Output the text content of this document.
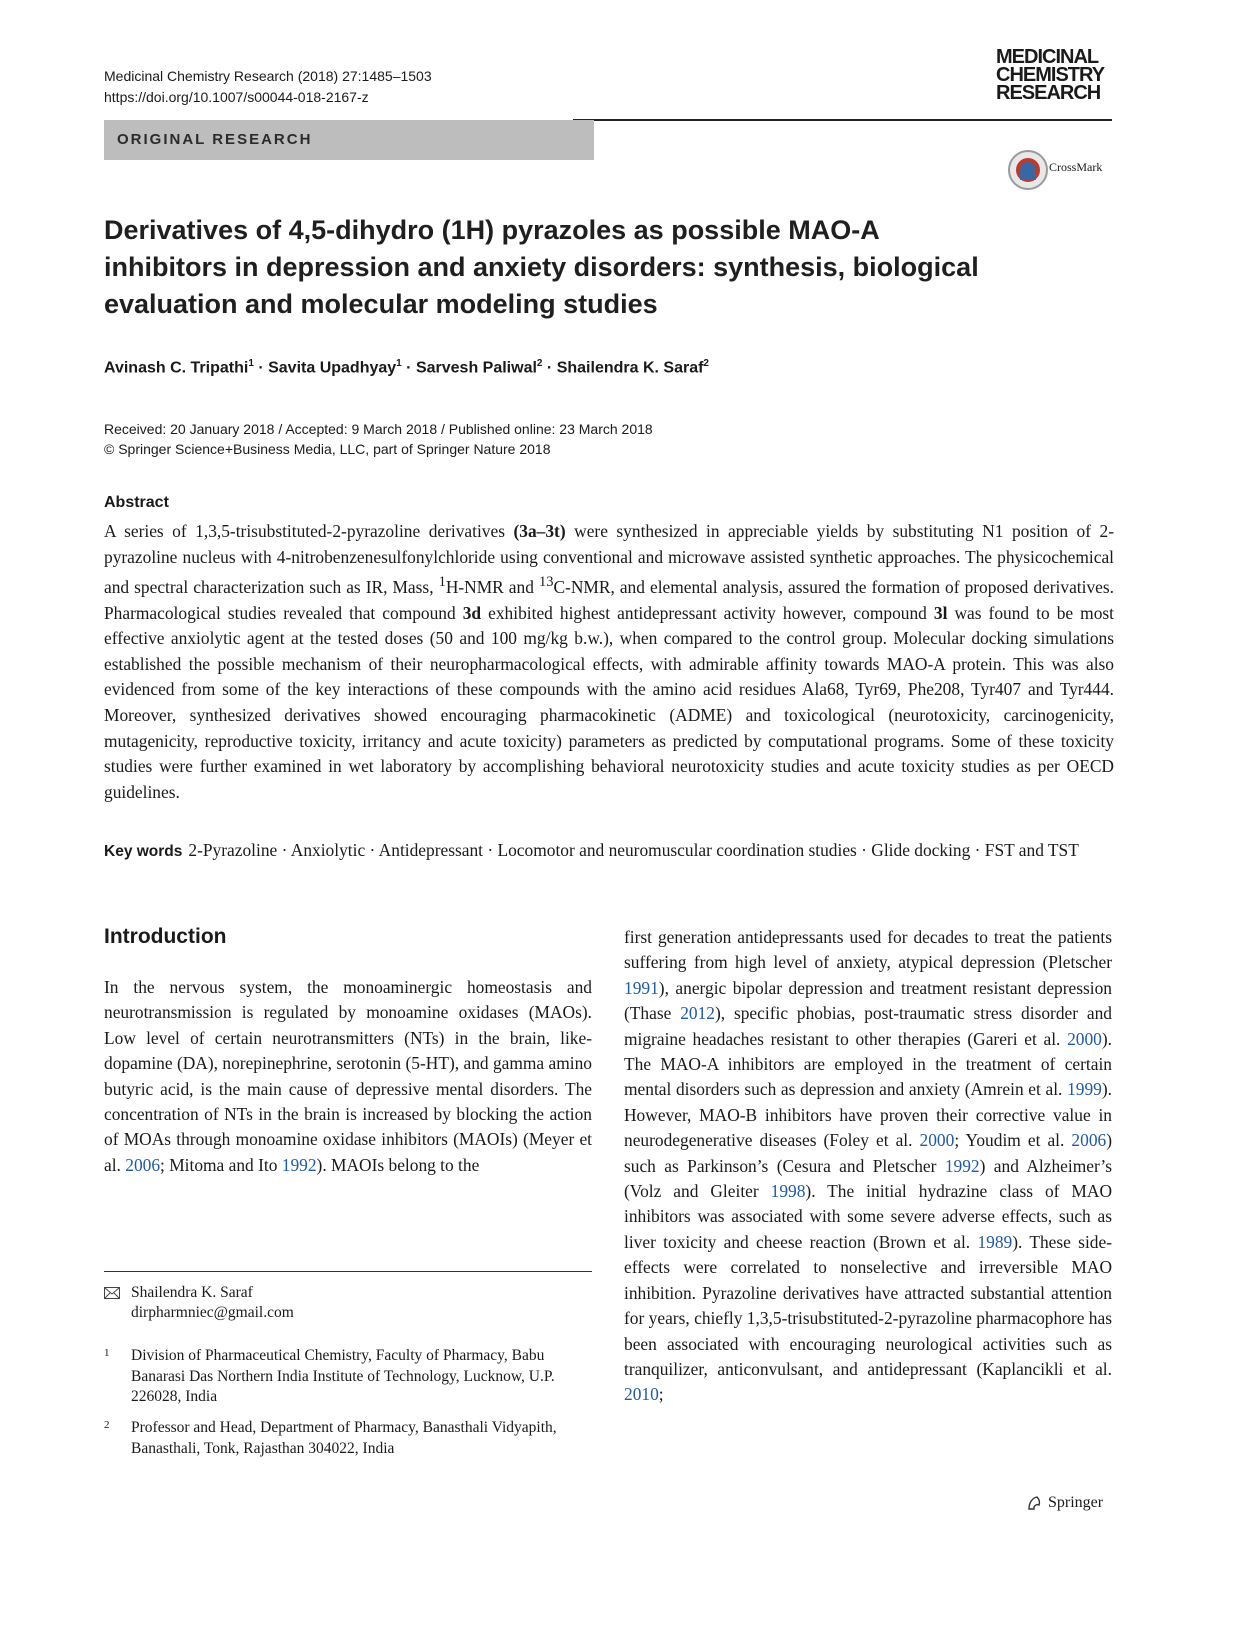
Medicinal Chemistry Research (2018) 27:1485–1503
https://doi.org/10.1007/s00044-018-2167-z
MEDICINAL
CHEMISTRY
RESEARCH
ORIGINAL RESEARCH
CrossMark
Derivatives of 4,5-dihydro (1H) pyrazoles as possible MAO-A
inhibitors in depression and anxiety disorders: synthesis, biological
evaluation and molecular modeling studies
Avinash C. Tripathi$^1$ · Savita Upadhyay$^1$ · Sarvesh Paliwal$^2$ · Shailendra K. Saraf$^2$
Received: 20 January 2018 / Accepted: 9 March 2018 / Published online: 23 March 2018
© Springer Science+Business Media, LLC, part of Springer Nature 2018
Abstract
A series of 1,3,5-trisubstituted-2-pyrazoline derivatives (3a–3t) were synthesized in appreciable yields by substituting N1 position of 2-pyrazoline nucleus with 4-nitrobenzenesulfonylchloride using conventional and microwave assisted synthetic approaches. The physicochemical and spectral characterization such as IR, Mass, $^1$H-NMR and $^{13}$C-NMR, and elemental analysis, assured the formation of proposed derivatives. Pharmacological studies revealed that compound 3d exhibited highest antidepressant activity however, compound 3l was found to be most effective anxiolytic agent at the tested doses (50 and 100 mg/kg b.w.), when compared to the control group. Molecular docking simulations established the possible mechanism of their neuropharmacological effects, with admirable affinity towards MAO-A protein. This was also evidenced from some of the key interactions of these compounds with the amino acid residues Ala68, Tyr69, Phe208, Tyr407 and Tyr444. Moreover, synthesized derivatives showed encouraging pharmacokinetic (ADME) and toxicological (neurotoxicity, carcinogenicity, mutagenicity, reproductive toxicity, irritancy and acute toxicity) parameters as predicted by computational programs. Some of these toxicity studies were further examined in wet laboratory by accomplishing behavioral neurotoxicity studies and acute toxicity studies as per OECD guidelines.
Key words 2-Pyrazoline · Anxiolytic · Antidepressant · Locomotor and neuromuscular coordination studies · Glide docking · FST and TST
Introduction
In the nervous system, the monoaminergic homeostasis and neurotransmission is regulated by monoamine oxidases (MAOs). Low level of certain neurotransmitters (NTs) in the brain, like-dopamine (DA), norepinephrine, serotonin (5-HT), and gamma amino butyric acid, is the main cause of depressive mental disorders. The concentration of NTs in the brain is increased by blocking the action of MOAs through monoamine oxidase inhibitors (MAOIs) (Meyer et al. 2006; Mitoma and Ito 1992). MAOIs belong to the
first generation antidepressants used for decades to treat the patients suffering from high level of anxiety, atypical depression (Pletscher 1991), anergic bipolar depression and treatment resistant depression (Thase 2012), specific phobias, post-traumatic stress disorder and migraine headaches resistant to other therapies (Gareri et al. 2000). The MAO-A inhibitors are employed in the treatment of certain mental disorders such as depression and anxiety (Amrein et al. 1999). However, MAO-B inhibitors have proven their corrective value in neurodegenerative diseases (Foley et al. 2000; Youdim et al. 2006) such as Parkinson’s (Cesura and Pletscher 1992) and Alzheimer’s (Volz and Gleiter 1998). The initial hydrazine class of MAO inhibitors was associated with some severe adverse effects, such as liver toxicity and cheese reaction (Brown et al. 1989). These side-effects were correlated to nonselective and irreversible MAO inhibition. Pyrazoline derivatives have attracted substantial attention for years, chiefly 1,3,5-trisubstituted-2-pyrazoline pharmacophore has been associated with encouraging neurological activities such as tranquilizer, anticonvulsant, and antidepressant (Kaplancikli et al. 2010;
Shailendra K. Saraf
dirpharmniec@gmail.com
1 Division of Pharmaceutical Chemistry, Faculty of Pharmacy, Babu Banarasi Das Northern India Institute of Technology, Lucknow, U.P. 226028, India
2 Professor and Head, Department of Pharmacy, Banasthali Vidyapith, Banasthali, Tonk, Rajasthan 304022, India
Springer
